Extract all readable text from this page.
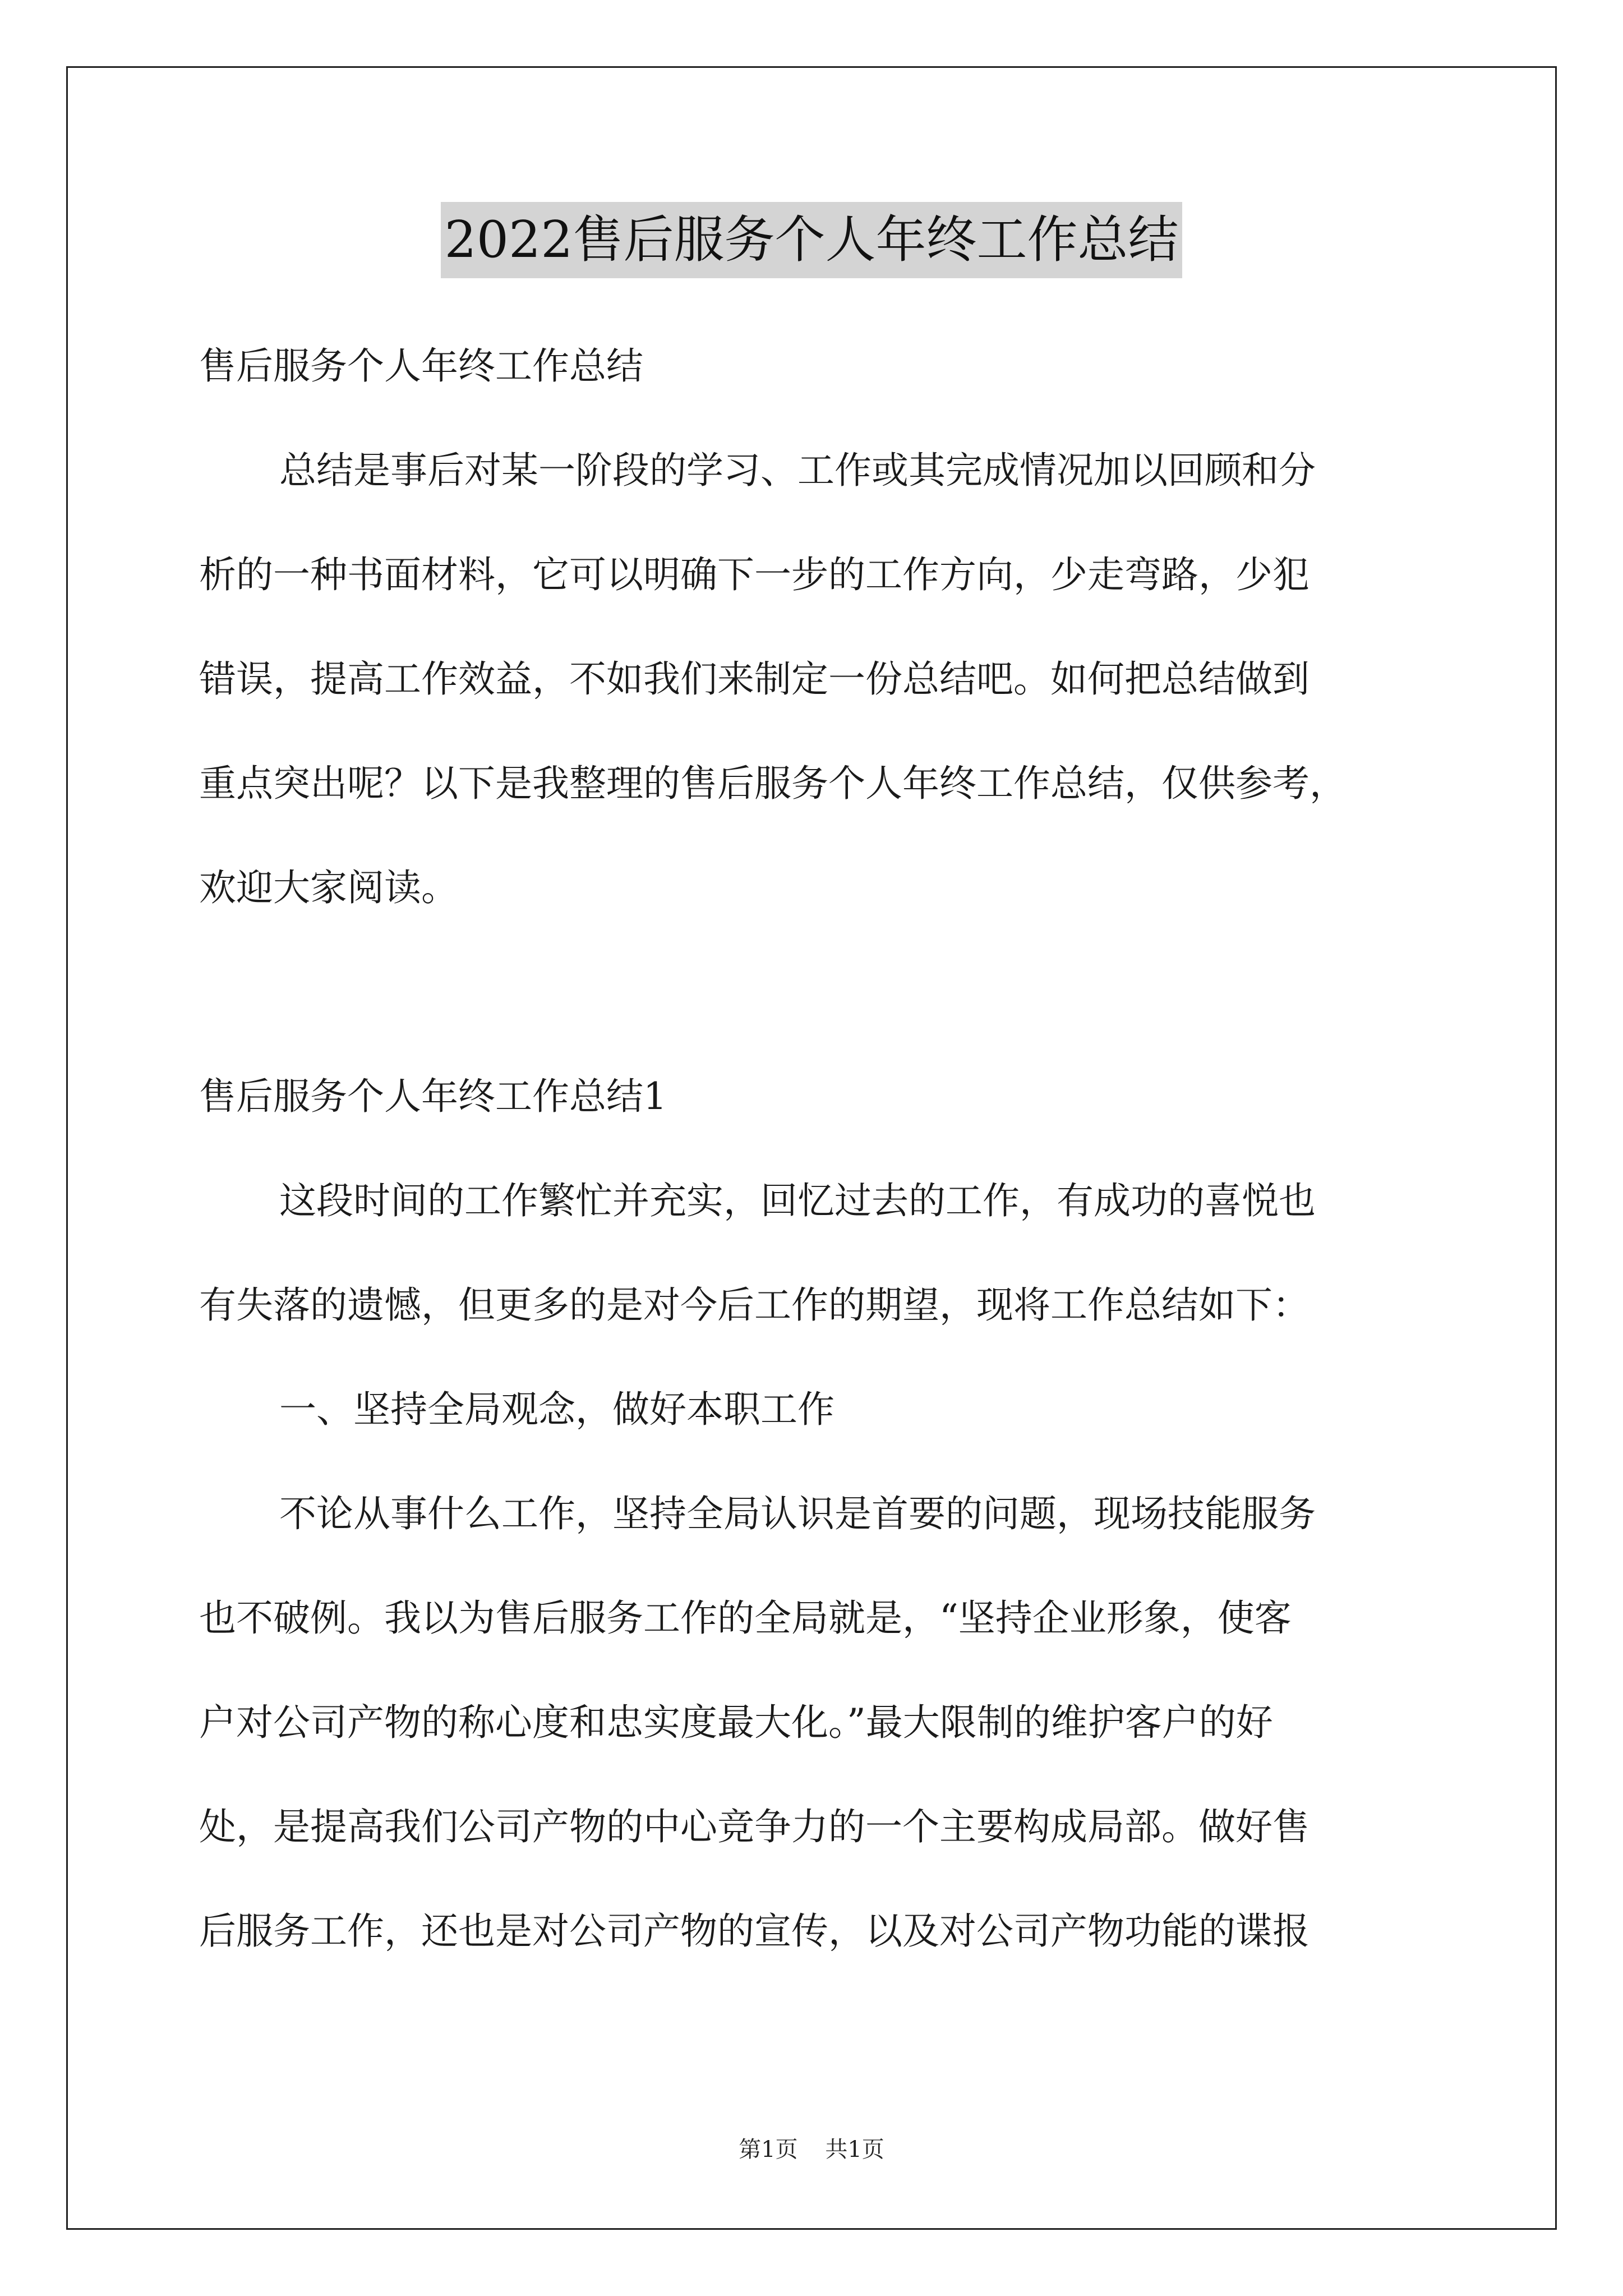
2022售后服务个人年终工作总结

售后服务个人年终工作总结

总结是事后对某一阶段的学习、工作或其完成情况加以回顾和分

析的一种书面材料，它可以明确下一步的工作方向，少走弯路，少犯

错误，提高工作效益，不如我们来制定一份总结吧。如何把总结做到

重点突出呢？以下是我整理的售后服务个人年终工作总结，仅供参考，

欢迎大家阅读。

售后服务个人年终工作总结1

这段时间的工作繁忙并充实，回忆过去的工作，有成功的喜悦也

有失落的遗憾，但更多的是对今后工作的期望，现将工作总结如下：

一、坚持全局观念，做好本职工作

不论从事什么工作，坚持全局认识是首要的问题，现场技能服务

也不破例。我以为售后服务工作的全局就是，“坚持企业形象，使客

户对公司产物的称心度和忠实度最大化。”最大限制的维护客户的好

处，是提高我们公司产物的中心竞争力的一个主要构成局部。做好售

后服务工作，还也是对公司产物的宣传，以及对公司产物功能的谍报

第1页 共1页
